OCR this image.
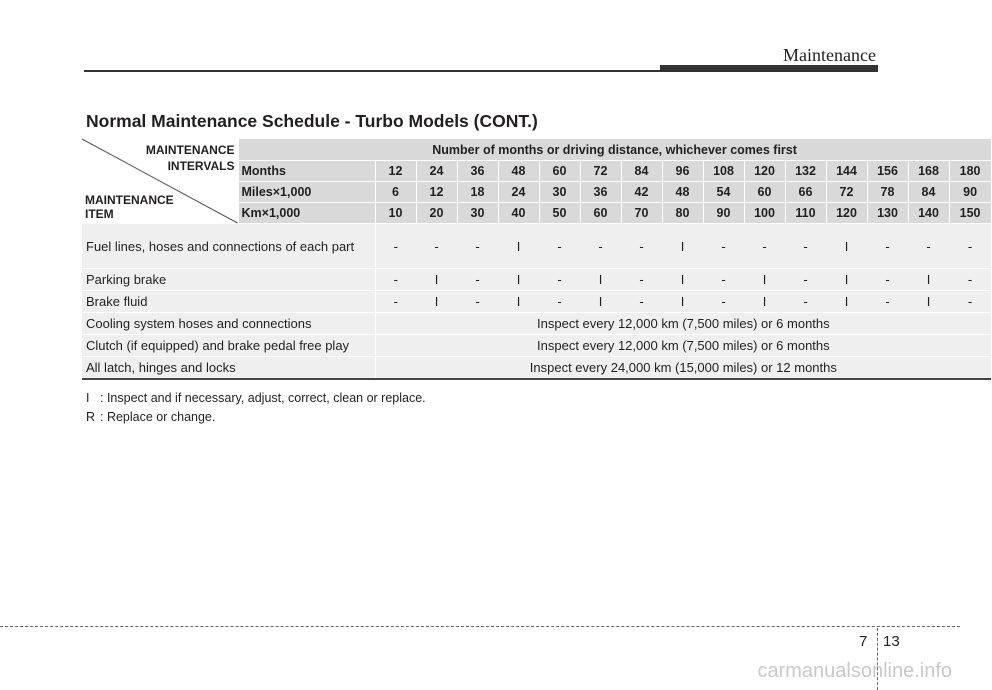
Maintenance
Normal Maintenance Schedule - Turbo Models (CONT.)
MAINTENANCE
INTERVALS
MAINTENANCE
ITEM	Number of months or driving distance, whichever comes first															
	Months	12	24	36	48	60	72	84	96	108	120	132	144	156	168	180
	Miles×1,000	6	12	18	24	30	36	42	48	54	60	66	72	78	84	90
	Km×1,000	10	20	30	40	50	60	70	80	90	100	110	120	130	140	150
Fuel lines, hoses and connections of each part		-	-	-	I	-	-	-	I	-	-	-	I	-	-	-
Parking brake		-	I	-	I	-	I	-	I	-	I	-	I	-	I	-
Brake fluid		-	I	-	I	-	I	-	I	-	I	-	I	-	I	-
Cooling system hoses and connections		Inspect every 12,000 km (7,500 miles) or 6 months														
Clutch (if equipped) and brake pedal free play		Inspect every 12,000 km (7,500 miles) or 6 months														
All latch, hinges and locks		Inspect every 24,000 km (15,000 miles) or 12 months														
I : Inspect and if necessary, adjust, correct, clean or replace.
R : Replace or change.
7 13
carmanualsonline.info
